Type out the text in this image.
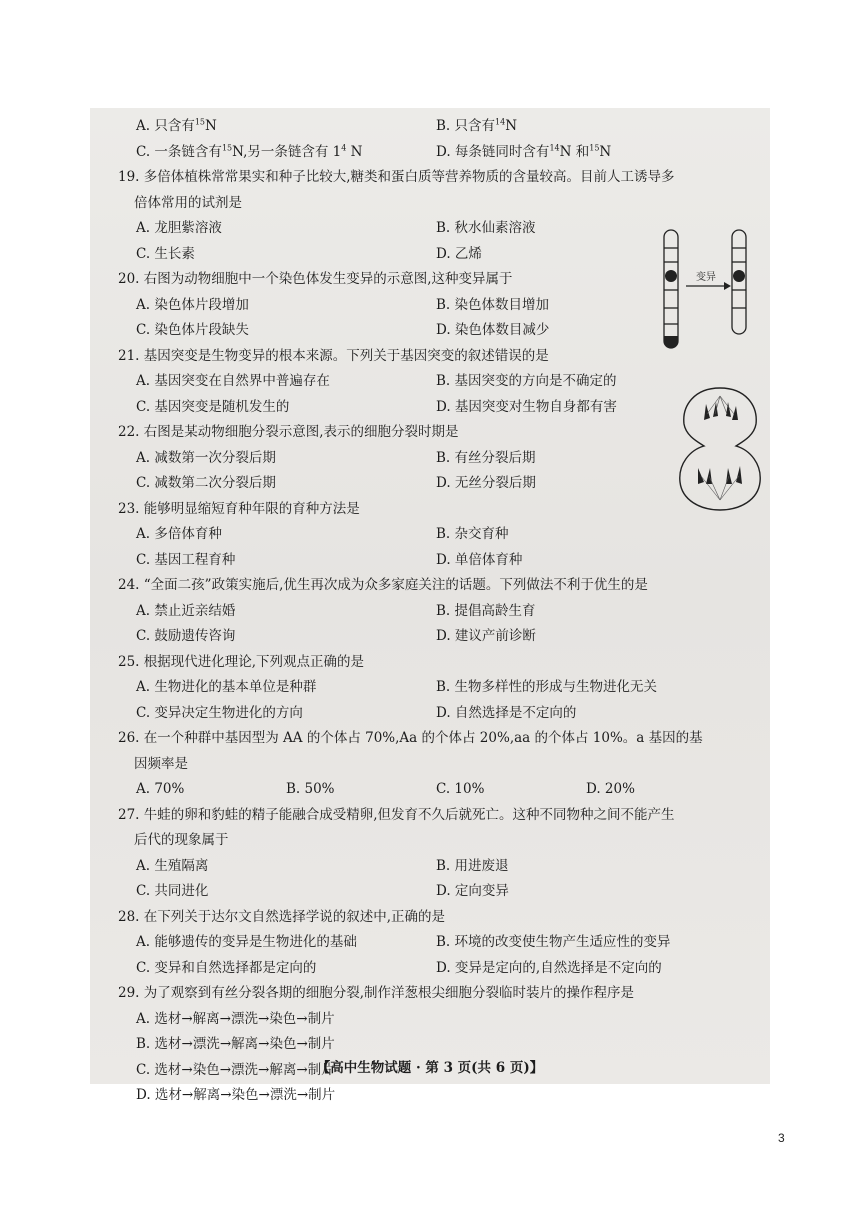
A. 只含有$^{15}$N	B. 只含有$^{14}$N
C. 一条链含有$^{15}$N,另一条链含有 $1^4$ N	D. 每条链同时含有$^{14}$N 和$^{15}$N
19. 多倍体植株常常果实和种子比较大,糖类和蛋白质等营养物质的含量较高。目前人工诱导多
倍体常用的试剂是
A. 龙胆紫溶液	B. 秋水仙素溶液
C. 生长素	D. 乙烯
20. 右图为动物细胞中一个染色体发生变异的示意图,这种变异属于
A. 染色体片段增加	B. 染色体数目增加
C. 染色体片段缺失	D. 染色体数目减少
21. 基因突变是生物变异的根本来源。下列关于基因突变的叙述错误的是
A. 基因突变在自然界中普遍存在	B. 基因突变的方向是不确定的
C. 基因突变是随机发生的	D. 基因突变对生物自身都有害
22. 右图是某动物细胞分裂示意图,表示的细胞分裂时期是
A. 减数第一次分裂后期	B. 有丝分裂后期
C. 减数第二次分裂后期	D. 无丝分裂后期
23. 能够明显缩短育种年限的育种方法是
A. 多倍体育种	B. 杂交育种
C. 基因工程育种	D. 单倍体育种
24. “全面二孩”政策实施后,优生再次成为众多家庭关注的话题。下列做法不利于优生的是
A. 禁止近亲结婚	B. 提倡高龄生育
C. 鼓励遗传咨询	D. 建议产前诊断
25. 根据现代进化理论,下列观点正确的是
A. 生物进化的基本单位是种群	B. 生物多样性的形成与生物进化无关
C. 变异决定生物进化的方向	D. 自然选择是不定向的
26. 在一个种群中基因型为 AA 的个体占 70%,Aa 的个体占 20%,aa 的个体占 10%。a 基因的基
因频率是
A. 70%	B. 50%	C. 10%	D. 20%
27. 牛蛙的卵和豹蛙的精子能融合成受精卵,但发育不久后就死亡。这种不同物种之间不能产生
后代的现象属于
A. 生殖隔离	B. 用进废退
C. 共同进化	D. 定向变异
28. 在下列关于达尔文自然选择学说的叙述中,正确的是
A. 能够遗传的变异是生物进化的基础	B. 环境的改变使生物产生适应性的变异
C. 变异和自然选择都是定向的	D. 变异是定向的,自然选择是不定向的
29. 为了观察到有丝分裂各期的细胞分裂,制作洋葱根尖细胞分裂临时装片的操作程序是
A. 选材→解离→漂洗→染色→制片
B. 选材→漂洗→解离→染色→制片
C. 选材→染色→漂洗→解离→制片
D. 选材→解离→染色→漂洗→制片
变异
【高中生物试题 · 第 3 页(共 6 页)】
3
